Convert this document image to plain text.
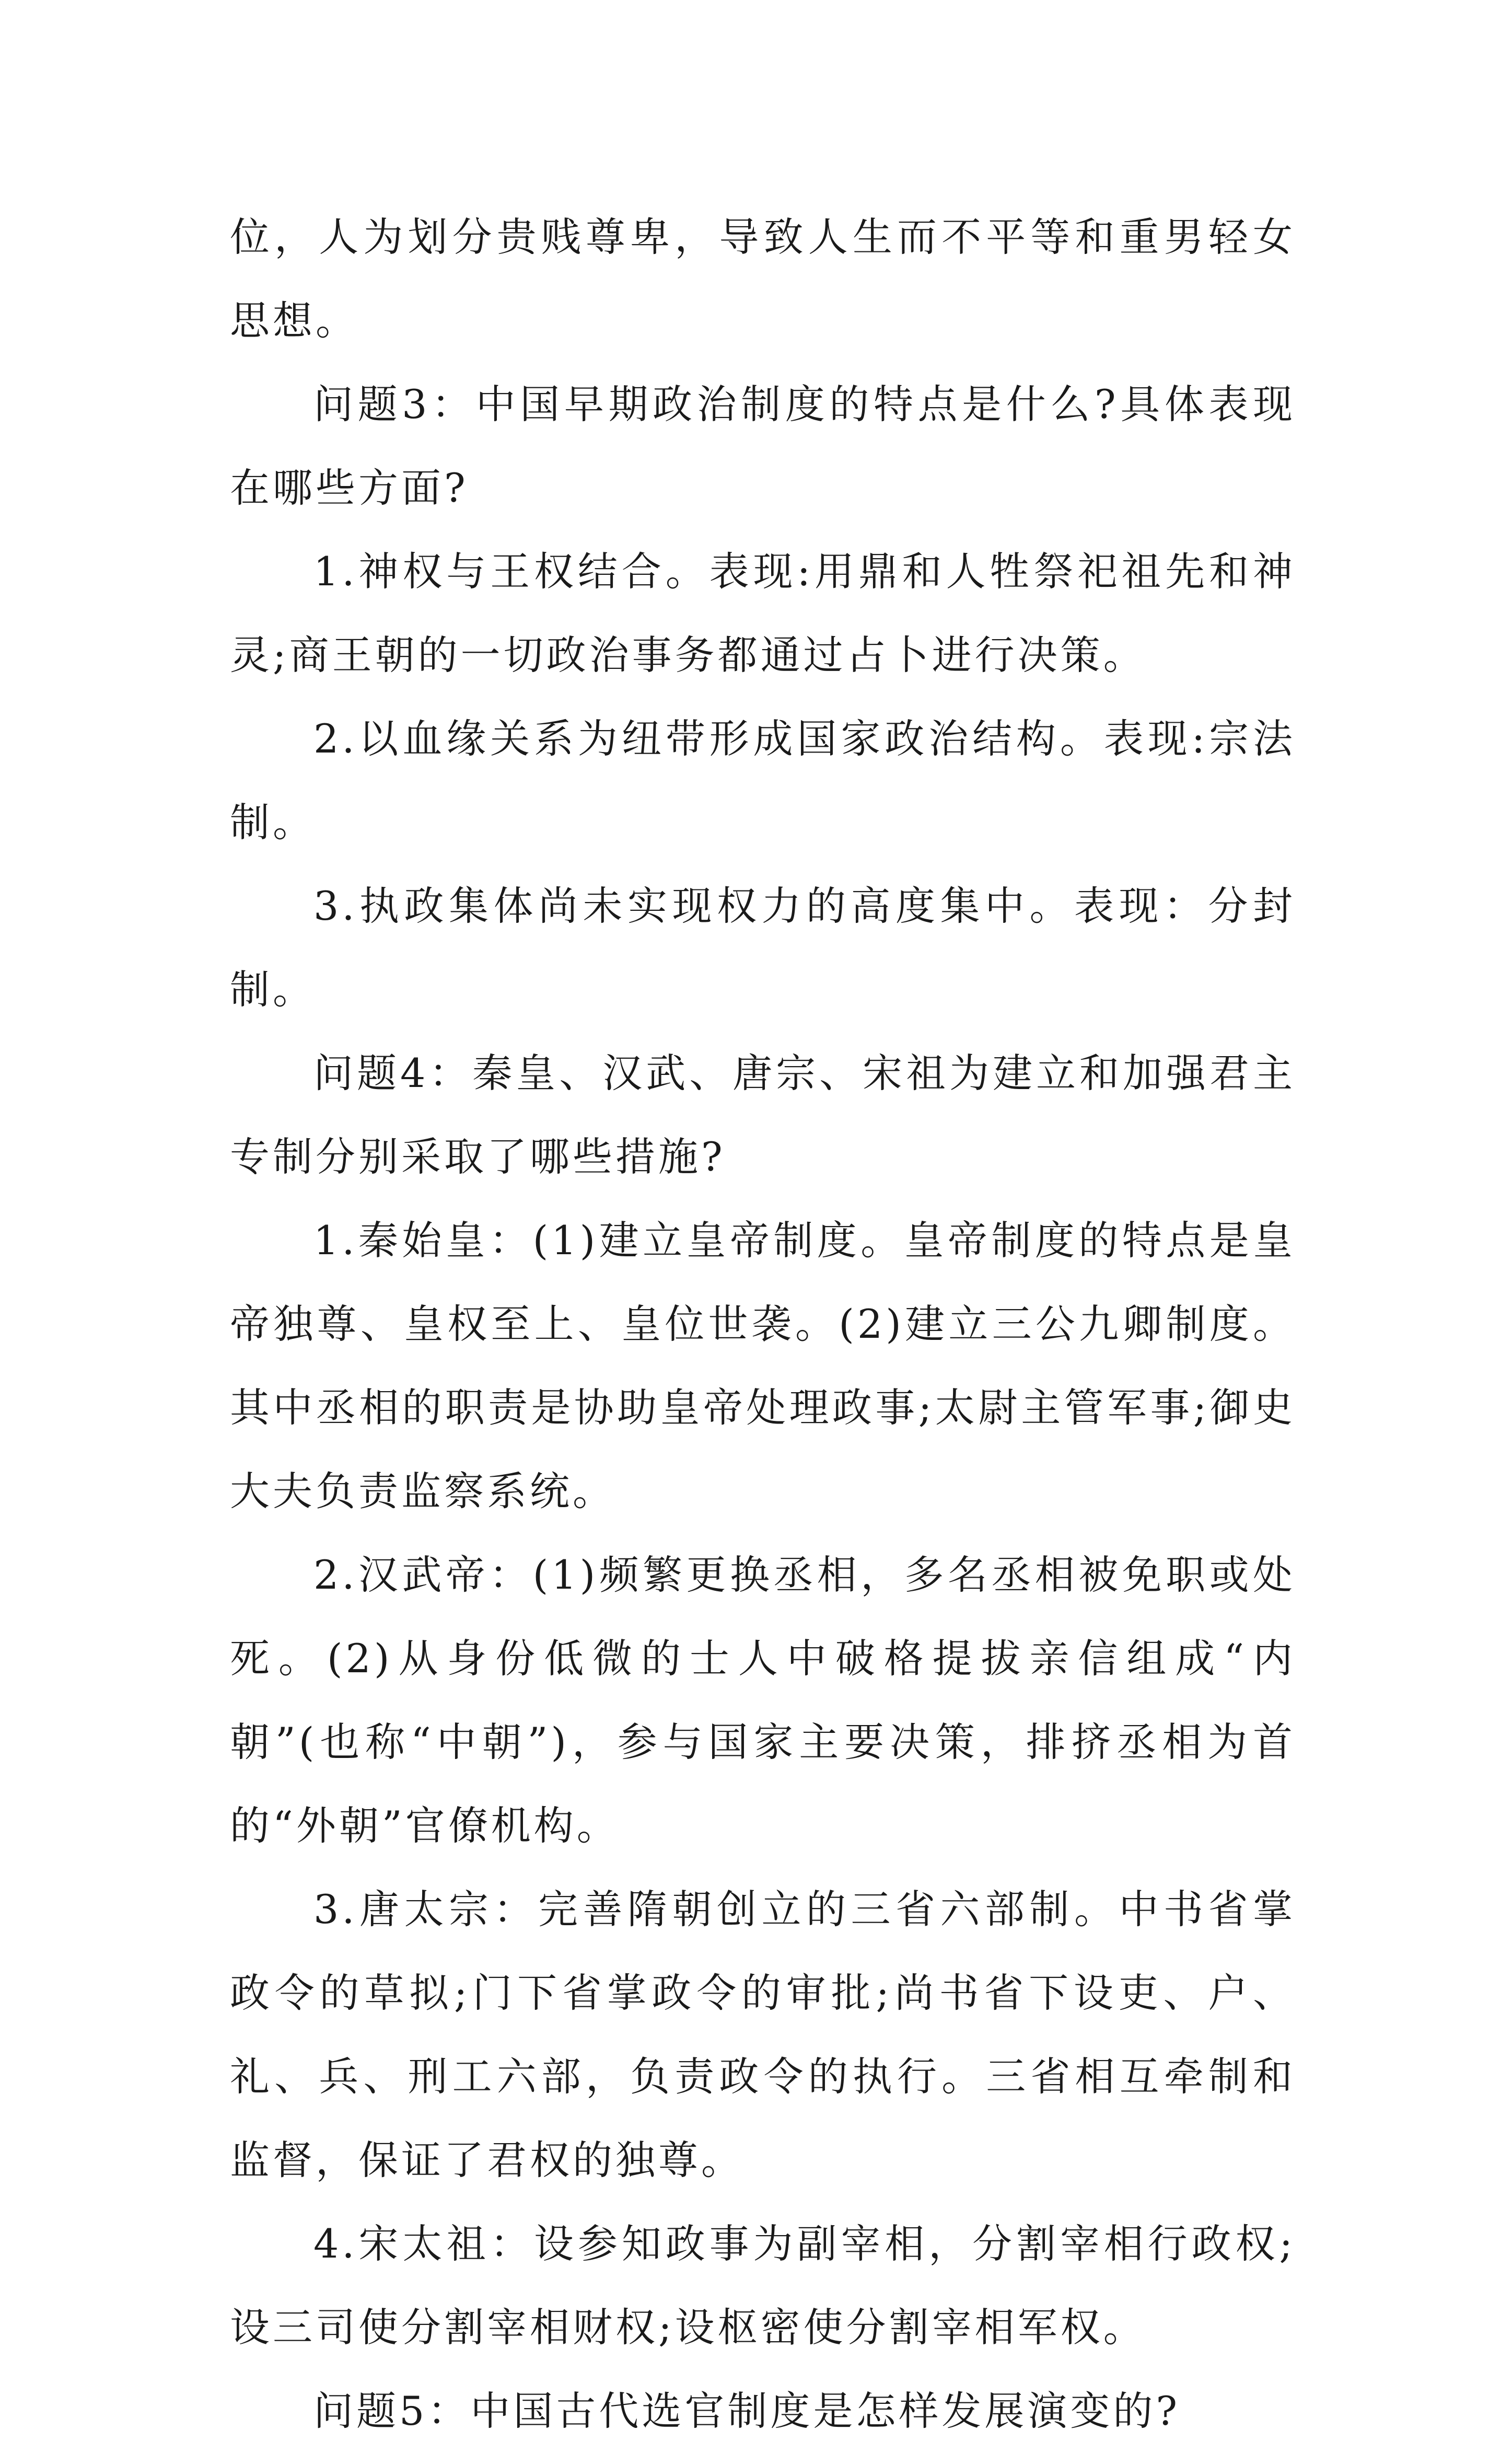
位，人为划分贵贱尊卑，导致人生而不平等和重男轻女思想。

问题3：中国早期政治制度的特点是什么?具体表现在哪些方面?

1.神权与王权结合。表现:用鼎和人牲祭祀祖先和神灵;商王朝的一切政治事务都通过占卜进行决策。

2.以血缘关系为纽带形成国家政治结构。表现:宗法制。

3.执政集体尚未实现权力的高度集中。表现：分封制。

问题4：秦皇、汉武、唐宗、宋祖为建立和加强君主专制分别采取了哪些措施?

1.秦始皇：(1)建立皇帝制度。皇帝制度的特点是皇帝独尊、皇权至上、皇位世袭。(2)建立三公九卿制度。其中丞相的职责是协助皇帝处理政事;太尉主管军事;御史大夫负责监察系统。

2.汉武帝：(1)频繁更换丞相，多名丞相被免职或处死。(2)从身份低微的士人中破格提拔亲信组成“内朝”(也称“中朝”)，参与国家主要决策，排挤丞相为首的“外朝”官僚机构。

3.唐太宗：完善隋朝创立的三省六部制。中书省掌政令的草拟;门下省掌政令的审批;尚书省下设吏、户、礼、兵、刑工六部，负责政令的执行。三省相互牵制和监督，保证了君权的独尊。

4.宋太祖：设参知政事为副宰相，分割宰相行政权;设三司使分割宰相财权;设枢密使分割宰相军权。

问题5：中国古代选官制度是怎样发展演变的?
